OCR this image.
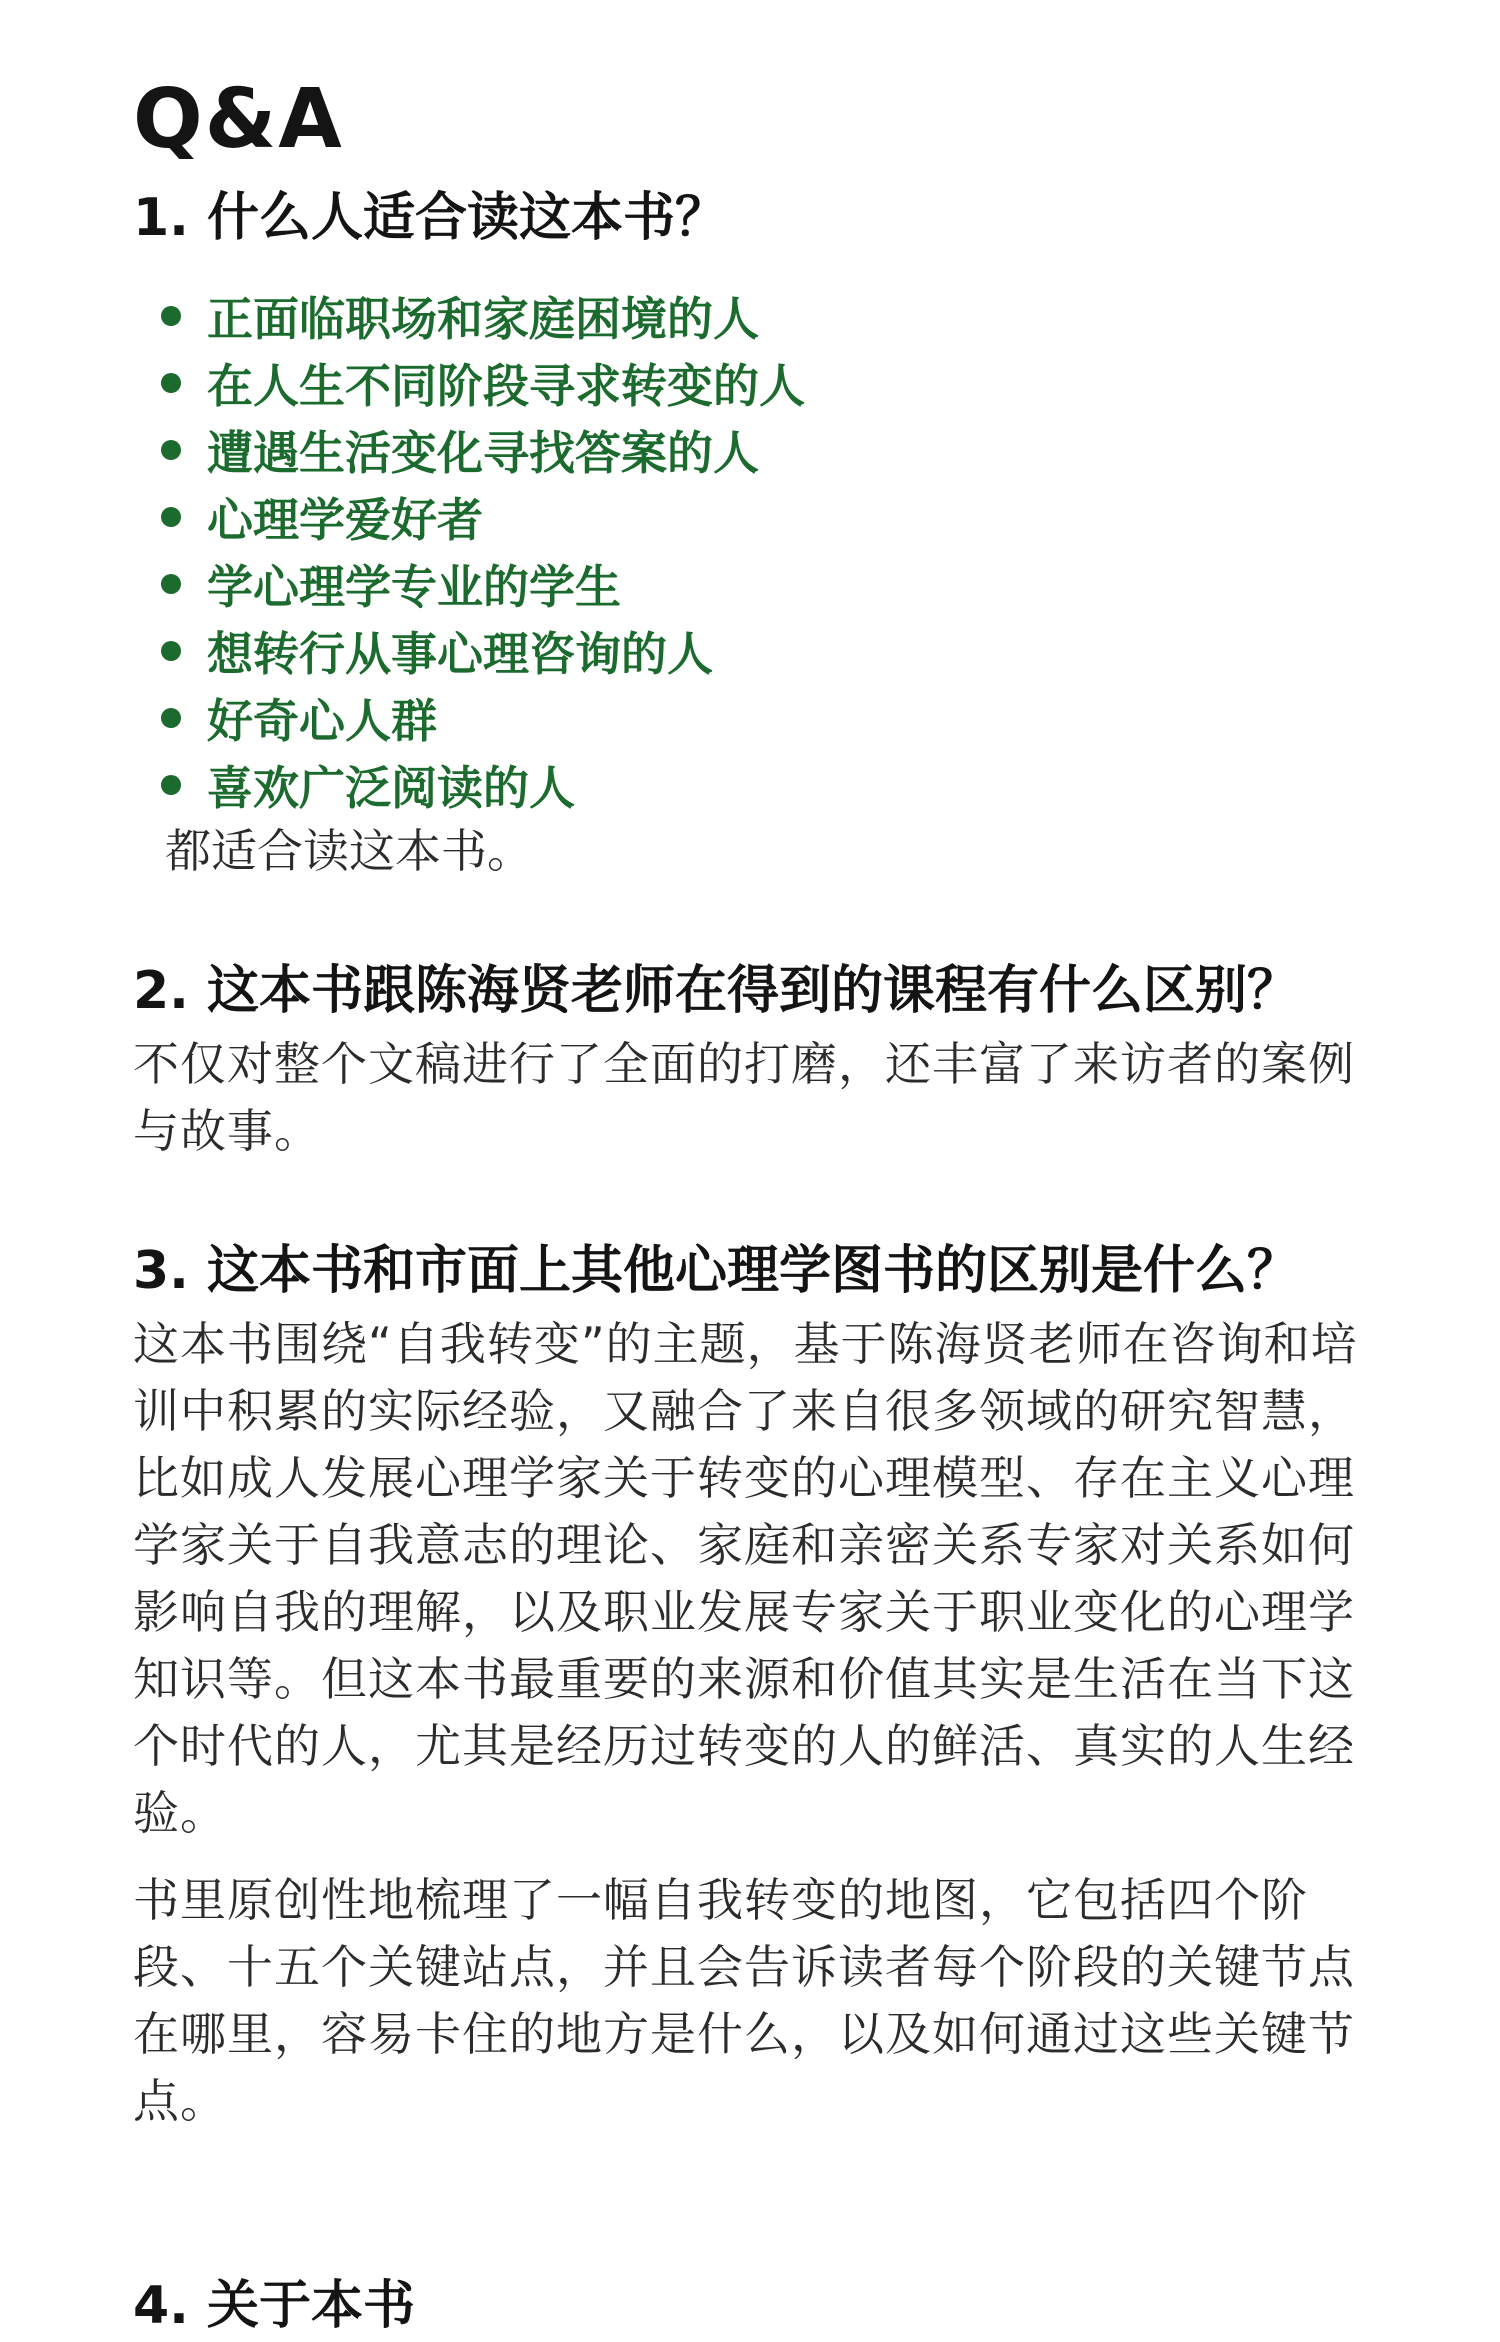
Q&A
1. 什么人适合读这本书？
正面临职场和家庭困境的人
在人生不同阶段寻求转变的人
遭遇生活变化寻找答案的人
心理学爱好者
学心理学专业的学生
想转行从事心理咨询的人
好奇心人群
喜欢广泛阅读的人

都适合读这本书。

2. 这本书跟陈海贤老师在得到的课程有什么区别？

不仅对整个文稿进行了全面的打磨，还丰富了来访者的案例与故事。

3. 这本书和市面上其他心理学图书的区别是什么？

这本书围绕“自我转变”的主题，基于陈海贤老师在咨询和培训中积累的实际经验，又融合了来自很多领域的研究智慧，比如成人发展心理学家关于转变的心理模型、存在主义心理学家关于自我意志的理论、家庭和亲密关系专家对关系如何影响自我的理解，以及职业发展专家关于职业变化的心理学知识等。但这本书最重要的来源和价值其实是生活在当下这个时代的人，尤其是经历过转变的人的鲜活、真实的人生经验。

书里原创性地梳理了一幅自我转变的地图，它包括四个阶段、十五个关键站点，并且会告诉读者每个阶段的关键节点在哪里，容易卡住的地方是什么，以及如何通过这些关键节点。

4. 关于本书
